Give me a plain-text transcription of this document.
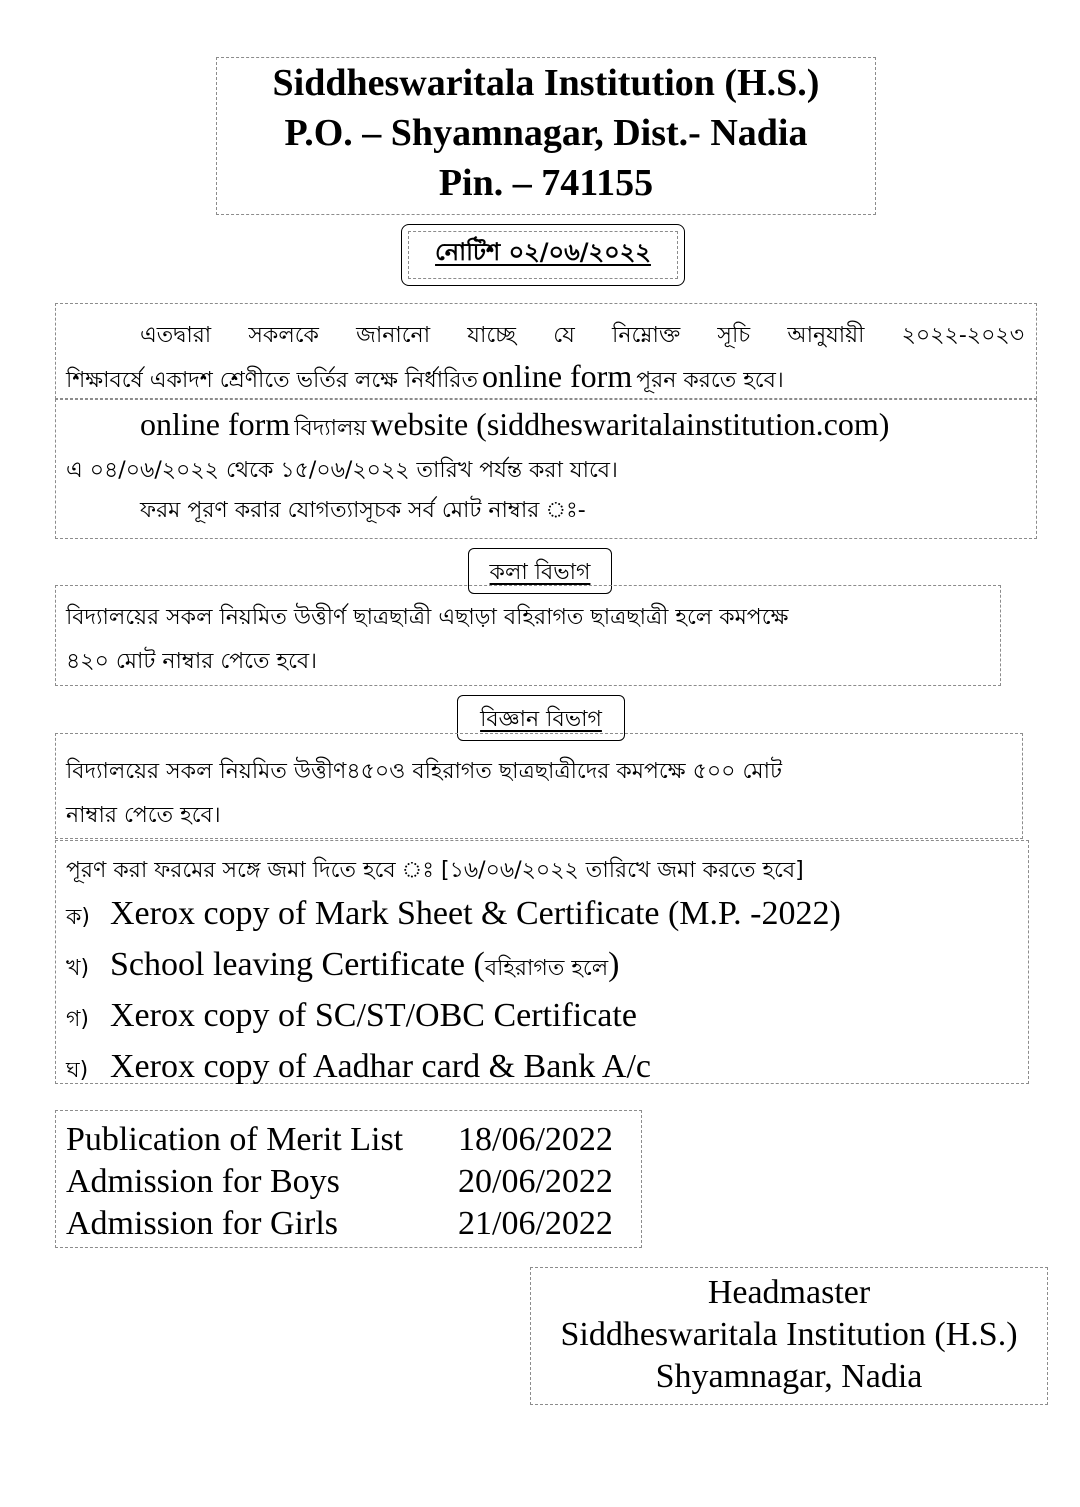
Siddheswaritala Institution (H.S.)
P.O. – Shyamnagar, Dist.- Nadia
Pin. – 741155
নোটিশ ০২/০৬/২০২২
এতদ্বারা সকলকে জানানো যাচ্ছে যে নিম্নোক্ত সূচি আনুযায়ী ২০২২-২০২৩
শিক্ষাবর্ষে একাদশ শ্রেণীতে ভর্তির লক্ষে নির্ধারিত online form পূরন করতে হবে।
online form বিদ্যালয় website (siddheswaritalainstitution.com)
এ ০৪/০৬/২০২২ থেকে ১৫/০৬/২০২২ তারিখ পর্যন্ত করা যাবে।
ফরম পূরণ করার যোগত্যাসূচক সর্ব মোট নাম্বার ঃ-
কলা বিভাগ
বিদ্যালয়ের সকল নিয়মিত উত্তীর্ণ ছাত্রছাত্রী এছাড়া বহিরাগত ছাত্রছাত্রী হলে কমপক্ষে
৪২০ মোট নাম্বার পেতে হবে।
বিজ্ঞান বিভাগ
বিদ্যালয়ের সকল নিয়মিত উত্তীণ৪৫০ও বহিরাগত ছাত্রছাত্রীদের কমপক্ষে ৫০০ মোট
নাম্বার পেতে হবে।
পূরণ করা ফরমের সঙ্গে জমা দিতে হবে ঃ [১৬/০৬/২০২২ তারিখে জমা করতে হবে]
ক) Xerox copy of Mark Sheet & Certificate (M.P. -2022)
খ) School leaving Certificate (বহিরাগত হলে)
গ) Xerox copy of SC/ST/OBC Certificate
ঘ) Xerox copy of Aadhar card & Bank A/c
Publication of Merit List	18/06/2022
Admission for Boys	20/06/2022
Admission for Girls	21/06/2022
Headmaster
Siddheswaritala Institution (H.S.)
Shyamnagar, Nadia
